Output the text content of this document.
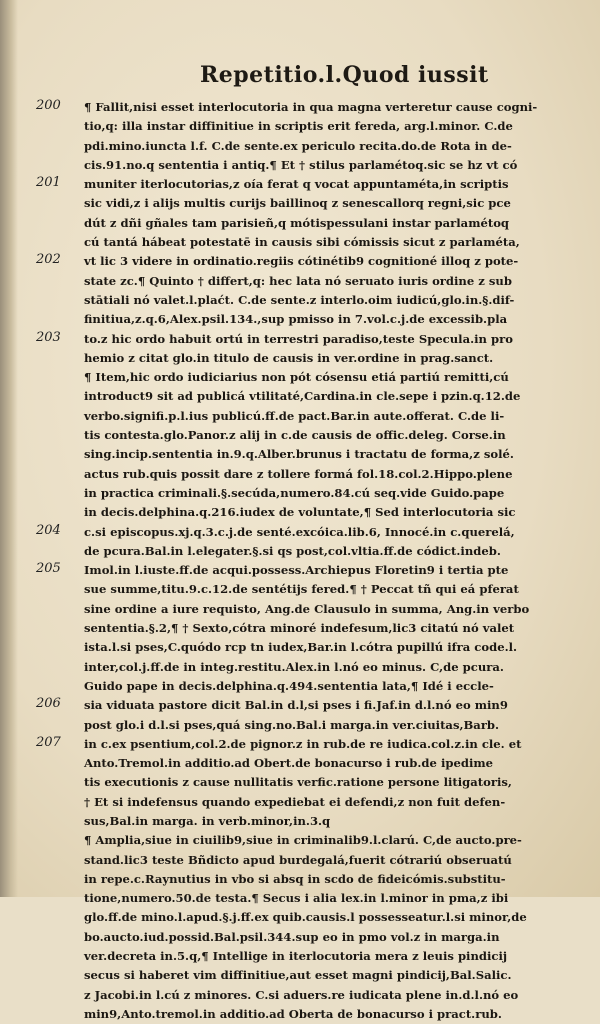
Repetitio.l.Quod iussit
200
201
202
203
204
205
206
207
¶ Fallit,nisi esset interlocutoria in qua magna verteretur cause cogni-
tio,q: illa instar diffinitiue in scriptis erit fereda, arg.l.minor. C.de
pdi.mino.iuncta l.f. C.de sente.ex periculo recita.do.de Rota in de-
cis.91.no.q sententia i antiq.¶ Et † stilus parlamétoq.sic se hz vt có
muniter iterlocutorias,z oía ferat q vocat appuntaméta,in scriptis
sic vidi,z i alijs multis curijs baillinoq z senescallorq regni,sic pce
dút z dñi gñales tam parisieñ,q mótispessulani instar parlamétoq
cú tantá hábeat potestatē in causis sibi cómissis sicut z parlaméta,
vt lic 3 videre in ordinatio.regiis cótinétib9 cognitioné illoq z pote-
state zc.¶ Quinto † differt,q: hec lata nó seruato iuris ordine z sub
stātiali nó valet.l.plaćt. C.de sente.z interlo.oim iudicú,glo.in.§.dif-
finitiua,z.q.6,Alex.psil.134.,sup pmisso in 7.vol.c.j.de excessib.pla
to.z hic ordo habuit ortú in terrestri paradiso,teste Specula.in pro
hemio z citat glo.in titulo de causis in ver.ordine in prag.sanct.
¶ Item,hic ordo iudiciarius non pót cósensu etiá partiú remitti,cú
introduct9 sit ad publicá vtilitaté,Cardina.in cle.sepe i pzin.q.12.de
verbo.signifi.p.l.ius publicú.ff.de pact.Bar.in aute.offerat. C.de li-
tis contesta.glo.Panor.z alij in c.de causis de offic.deleg. Corse.in
sing.incip.sententia in.9.q.Alber.brunus i tractatu de forma,z solé.
actus rub.quis possit dare z tollere formá fol.18.col.2.Hippo.plene
in practica criminali.§.secúda,numero.84.cú seq.vide Guido.pape
in decis.delphina.q.216.iudex de voluntate,¶ Sed interlocutoria sic
c.si episcopus.xj.q.3.c.j.de senté.excóica.lib.6, Innocé.in c.querelá,
de pcura.Bal.in l.elegater.§.si qs post,col.vltia.ff.de códict.indeb.
Imol.in l.iuste.ff.de acqui.possess.Archiepus Floretin9 i tertia pte
sue summe,titu.9.c.12.de sentétijs fered.¶ † Peccat tñ qui eá pferat
sine ordine a iure requisto, Ang.de Clausulo in summa, Ang.in verbo
sententia.§.2,¶ † Sexto,cótra minoré indefesum,lic3 citatú nó valet
ista.l.si pses,C.quódo rcp tn iudex,Bar.in l.cótra pupillú ifra code.l.
inter,col.j.ff.de in integ.restitu.Alex.in l.nó eo minus. C,de pcura.
Guido pape in decis.delphina.q.494.sententia lata,¶ Idé i eccle-
sia viduata pastore dicit Bal.in d.l,si pses i fi.Jaf.in d.l.nó eo min9
post glo.i d.l.si pses,quá sing.no.Bal.i marga.in ver.ciuitas,Barb.
in c.ex psentium,col.2.de pignor.z in rub.de re iudica.col.z.in cle. et
Anto.Tremol.in additio.ad Obert.de bonacurso i rub.de ipedime
tis executionis z cause nullitatis verfic.ratione persone litigatoris,
† Et si indefensus quando expediebat ei defendi,z non fuit defen-
sus,Bal.in marga. in verb.minor,in.3.q
¶ Amplia,siue in ciuilib9,siue in criminalib9.l.clarú. C,de aucto.pre-
stand.lic3 teste Bñdicto apud burdegalá,fuerit cótrariú obseruatú
in repe.c.Raynutius in vbo si absq in scdo de fideicómis.substitu-
tione,numero.50.de testa.¶ Secus i alia lex.in l.minor in pma,z ibi
glo.ff.de mino.l.apud.§.j.ff.ex quib.causis.l possesseatur.l.si minor,de
bo.aucto.iud.possid.Bal.psil.344.sup eo in pmo vol.z in marga.in
ver.decreta in.5.q,¶ Intellige in iterlocutoria mera z leuis pindicij
secus si haberet vim diffinitiue,aut esset magni pindicij,Bal.Salic.
z Jacobi.in l.cú z minores. C.si aduers.re iudicata plene in.d.l.nó eo
min9,Anto.tremol.in additio.ad Oberta de bonacurso i pract.rub.
